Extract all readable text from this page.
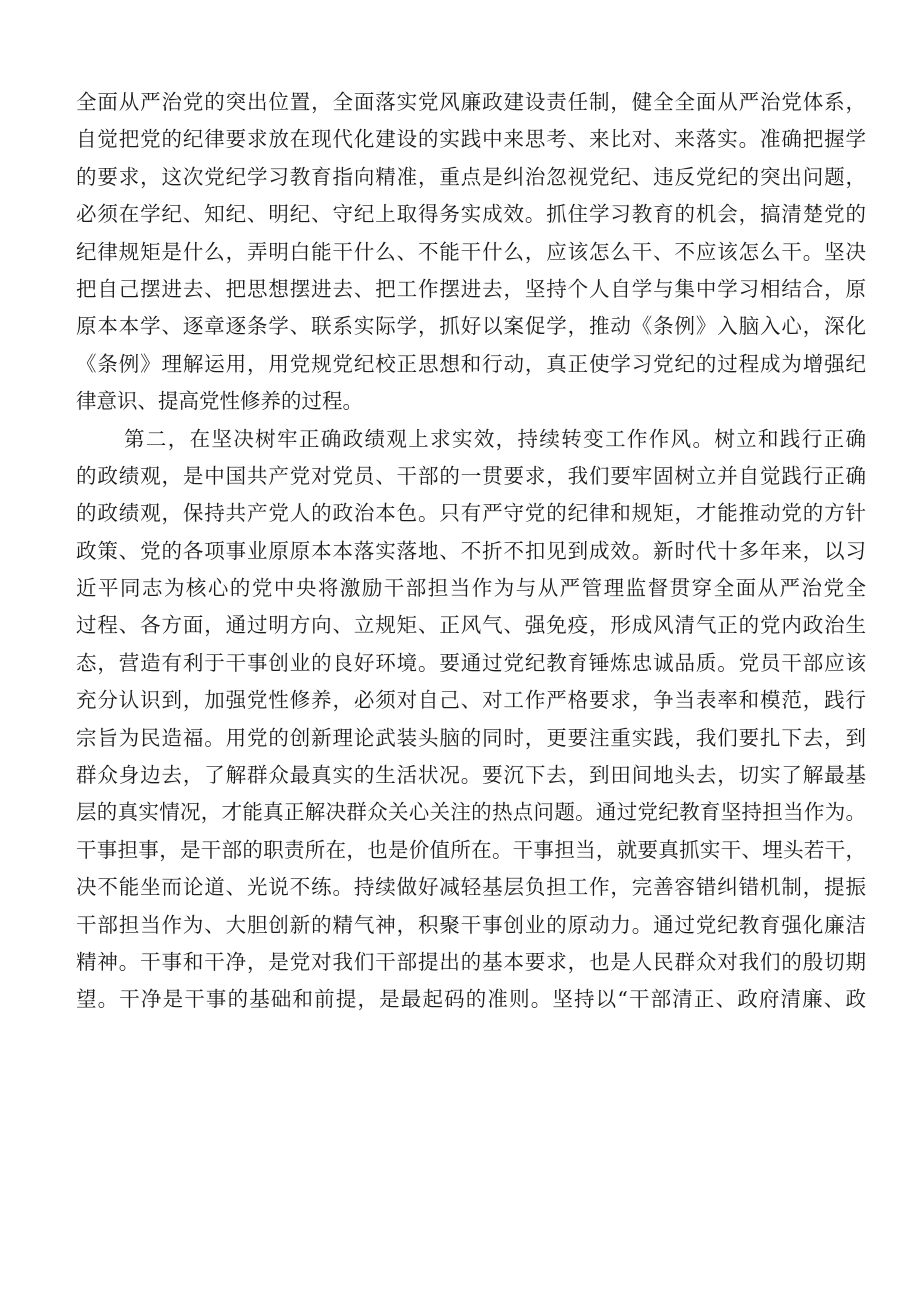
全面从严治党的突出位置，全面落实党风廉政建设责任制，健全全面从严治党体系，
自觉把党的纪律要求放在现代化建设的实践中来思考、来比对、来落实。准确把握学
的要求，这次党纪学习教育指向精准，重点是纠治忽视党纪、违反党纪的突出问题，
必须在学纪、知纪、明纪、守纪上取得务实成效。抓住学习教育的机会，搞清楚党的
纪律规矩是什么，弄明白能干什么、不能干什么，应该怎么干、不应该怎么干。坚决
把自己摆进去、把思想摆进去、把工作摆进去，坚持个人自学与集中学习相结合，原
原本本学、逐章逐条学、联系实际学，抓好以案促学，推动《条例》入脑入心，深化
《条例》理解运用，用党规党纪校正思想和行动，真正使学习党纪的过程成为增强纪
律意识、提高党性修养的过程。
第二，在坚决树牢正确政绩观上求实效，持续转变工作作风。树立和践行正确
的政绩观，是中国共产党对党员、干部的一贯要求，我们要牢固树立并自觉践行正确
的政绩观，保持共产党人的政治本色。只有严守党的纪律和规矩，才能推动党的方针
政策、党的各项事业原原本本落实落地、不折不扣见到成效。新时代十多年来，以习
近平同志为核心的党中央将激励干部担当作为与从严管理监督贯穿全面从严治党全
过程、各方面，通过明方向、立规矩、正风气、强免疫，形成风清气正的党内政治生
态，营造有利于干事创业的良好环境。要通过党纪教育锤炼忠诚品质。党员干部应该
充分认识到，加强党性修养，必须对自己、对工作严格要求，争当表率和模范，践行
宗旨为民造福。用党的创新理论武装头脑的同时，更要注重实践，我们要扎下去，到
群众身边去，了解群众最真实的生活状况。要沉下去，到田间地头去，切实了解最基
层的真实情况，才能真正解决群众关心关注的热点问题。通过党纪教育坚持担当作为。
干事担事，是干部的职责所在，也是价值所在。干事担当，就要真抓实干、埋头若干，
决不能坐而论道、光说不练。持续做好减轻基层负担工作，完善容错纠错机制，提振
干部担当作为、大胆创新的精气神，积聚干事创业的原动力。通过党纪教育强化廉洁
精神。干事和干净，是党对我们干部提出的基本要求，也是人民群众对我们的殷切期
望。干净是干事的基础和前提，是最起码的准则。坚持以“干部清正、政府清廉、政
